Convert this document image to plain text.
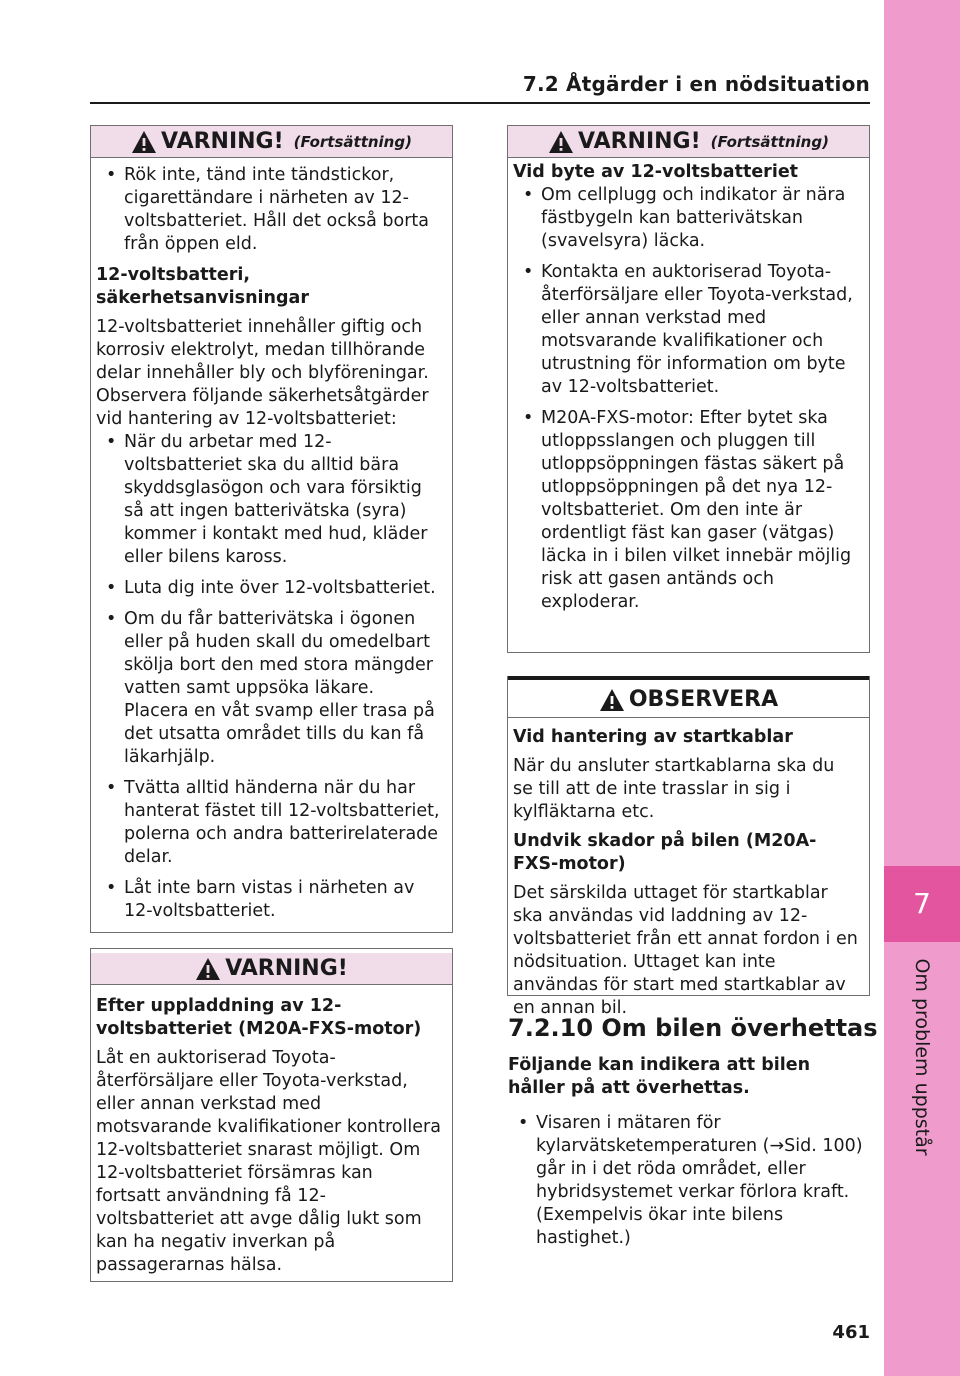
7.2 Åtgärder i en nödsituation
7
Om problem uppstår
VARNING! (Fortsättning)
• Rök inte, tänd inte tändstickor, cigarettändare i närheten av 12-voltsbatteriet. Håll det också borta från öppen eld.

12-voltsbatteri, säkerhetsanvisningar

12-voltsbatteriet innehåller giftig och korrosiv elektrolyt, medan tillhörande delar innehåller bly och blyföreningar. Observera följande säkerhetsåtgärder vid hantering av 12-voltsbatteriet:

• När du arbetar med 12-voltsbatteriet ska du alltid bära skyddsglasögon och vara försiktig så att ingen batterivätska (syra) kommer i kontakt med hud, kläder eller bilens kaross.
• Luta dig inte över 12-voltsbatteriet.
• Om du får batterivätska i ögonen eller på huden skall du omedelbart skölja bort den med stora mängder vatten samt uppsöka läkare. Placera en våt svamp eller trasa på det utsatta området tills du kan få läkarhjälp.
• Tvätta alltid händerna när du har hanterat fästet till 12-voltsbatteriet, polerna och andra batterirelaterade delar.
• Låt inte barn vistas i närheten av 12-voltsbatteriet.
VARNING!

Efter uppladdning av 12-voltsbatteriet (M20A-FXS-motor)

Låt en auktoriserad Toyota-återförsäljare eller Toyota-verkstad, eller annan verkstad med motsvarande kvalifikationer kontrollera 12-voltsbatteriet snarast möjligt. Om 12-voltsbatteriet försämras kan fortsatt användning få 12-voltsbatteriet att avge dålig lukt som kan ha negativ inverkan på passagerarnas hälsa.

VARNING! (Fortsättning)

Vid byte av 12-voltsbatteriet

• Om cellplugg och indikator är nära fästbygeln kan batterivätskan (svavelsyra) läcka.
• Kontakta en auktoriserad Toyota-återförsäljare eller Toyota-verkstad, eller annan verkstad med motsvarande kvalifikationer och utrustning för information om byte av 12-voltsbatteriet.
• M20A-FXS-motor: Efter bytet ska utloppsslangen och pluggen till utloppsöppningen fästas säkert på utloppsöppningen på det nya 12-voltsbatteriet. Om den inte är ordentligt fäst kan gaser (vätgas) läcka in i bilen vilket innebär möjlig risk att gasen antänds och exploderar.
OBSERVERA

Vid hantering av startkablar

När du ansluter startkablarna ska du se till att de inte trasslar in sig i kylfläktarna etc.

Undvik skador på bilen (M20A-FXS-motor)

Det särskilda uttaget för startkablar ska användas vid laddning av 12-voltsbatteriet från ett annat fordon i en nödsituation. Uttaget kan inte användas för start med startkablar av en annan bil.

7.2.10 Om bilen överhettas
Följande kan indikera att bilen håller på att överhettas.
• Visaren i mätaren för kylarvätsketemperaturen (→Sid. 100) går in i det röda området, eller hybridsystemet verkar förlora kraft. (Exempelvis ökar inte bilens hastighet.)
461
